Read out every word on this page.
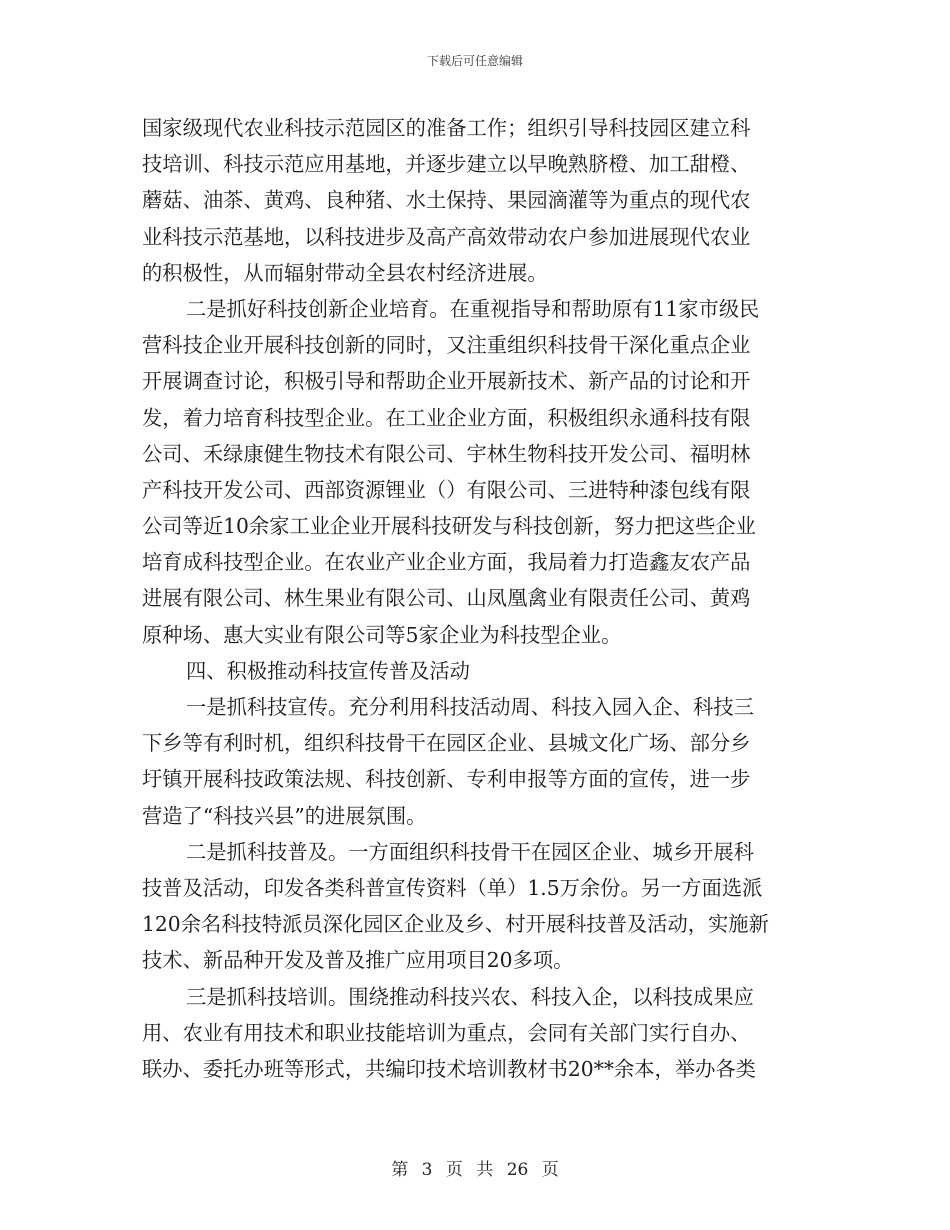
下载后可任意编辑
国家级现代农业科技示范园区的准备工作；组织引导科技园区建立科
技培训、科技示范应用基地，并逐步建立以早晚熟脐橙、加工甜橙、
蘑菇、油茶、黄鸡、良种猪、水土保持、果园滴灌等为重点的现代农
业科技示范基地，以科技进步及高产高效带动农户参加进展现代农业
的积极性，从而辐射带动全县农村经济进展。
二是抓好科技创新企业培育。在重视指导和帮助原有11家市级民
营科技企业开展科技创新的同时，又注重组织科技骨干深化重点企业
开展调查讨论，积极引导和帮助企业开展新技术、新产品的讨论和开
发，着力培育科技型企业。在工业企业方面，积极组织永通科技有限
公司、禾绿康健生物技术有限公司、宇林生物科技开发公司、福明林
产科技开发公司、西部资源锂业（）有限公司、三进特种漆包线有限
公司等近10余家工业企业开展科技研发与科技创新，努力把这些企业
培育成科技型企业。在农业产业企业方面，我局着力打造鑫友农产品
进展有限公司、林生果业有限公司、山凤凰禽业有限责任公司、黄鸡
原种场、惠大实业有限公司等5家企业为科技型企业。
四、积极推动科技宣传普及活动
一是抓科技宣传。充分利用科技活动周、科技入园入企、科技三
下乡等有利时机，组织科技骨干在园区企业、县城文化广场、部分乡
圩镇开展科技政策法规、科技创新、专利申报等方面的宣传，进一步
营造了“科技兴县”的进展氛围。
二是抓科技普及。一方面组织科技骨干在园区企业、城乡开展科
技普及活动，印发各类科普宣传资料（单）1.5万余份。另一方面选派
120余名科技特派员深化园区企业及乡、村开展科技普及活动，实施新
技术、新品种开发及普及推广应用项目20多项。
三是抓科技培训。围绕推动科技兴农、科技入企，以科技成果应
用、农业有用技术和职业技能培训为重点，会同有关部门实行自办、
联办、委托办班等形式，共编印技术培训教材书20**余本，举办各类
第 3 页 共 26 页
